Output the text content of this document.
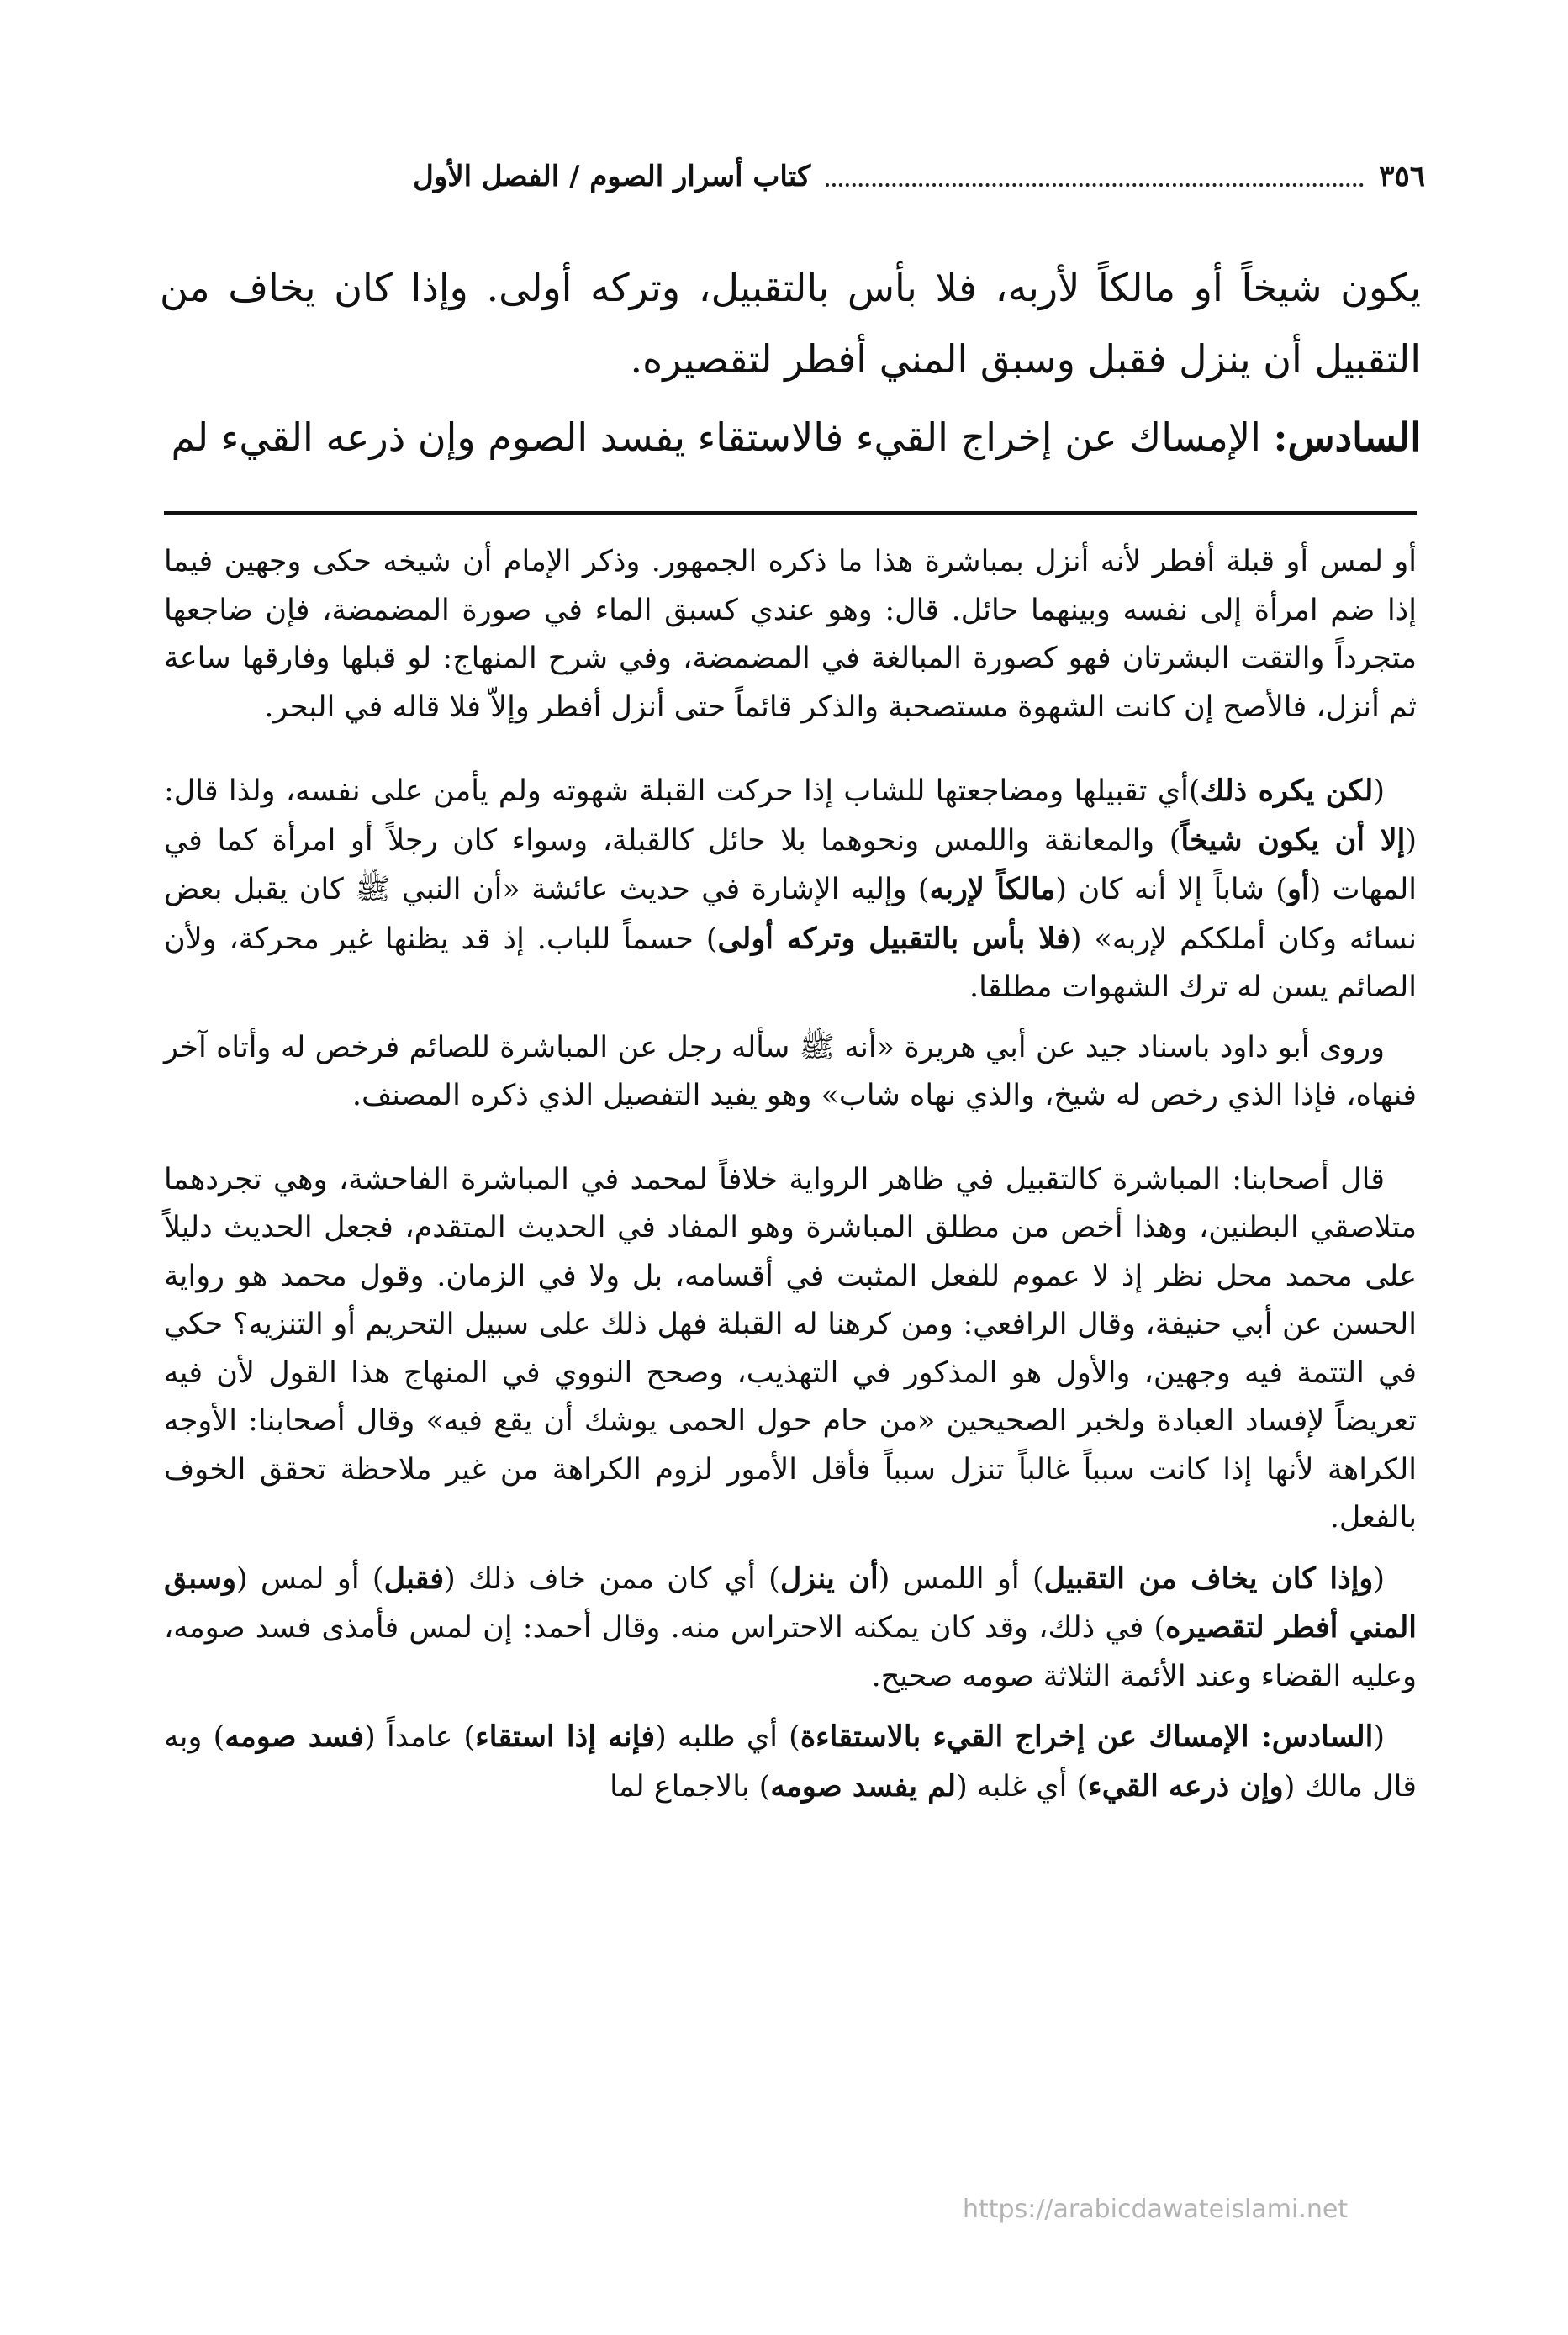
٣٥٦
كتاب أسرار الصوم / الفصل الأول

يكون شيخاً أو مالكاً لأربه، فلا بأس بالتقبيل، وتركه أولى. وإذا كان يخاف من التقبيل أن ينزل فقبل وسبق المني أفطر لتقصيره.

السادس: الإمساك عن إخراج القيء فالاستقاء يفسد الصوم وإن ذرعه القيء لم

أو لمس أو قبلة أفطر لأنه أنزل بمباشرة هذا ما ذكره الجمهور. وذكر الإمام أن شيخه حكى وجهين فيما إذا ضم امرأة إلى نفسه وبينهما حائل. قال: وهو عندي كسبق الماء في صورة المضمضة، فإن ضاجعها متجرداً والتقت البشرتان فهو كصورة المبالغة في المضمضة، وفي شرح المنهاج: لو قبلها وفارقها ساعة ثم أنزل، فالأصح إن كانت الشهوة مستصحبة والذكر قائماً حتى أنزل أفطر وإلاّ فلا قاله في البحر.

(لكن يكره ذلك)أي تقبيلها ومضاجعتها للشاب إذا حركت القبلة شهوته ولم يأمن على نفسه، ولذا قال: (إلا أن يكون شيخاً) والمعانقة واللمس ونحوهما بلا حائل كالقبلة، وسواء كان رجلاً أو امرأة كما في المهات (أو) شاباً إلا أنه كان (مالكاً لإربه) وإليه الإشارة في حديث عائشة «أن النبي ﷺ كان يقبل بعض نسائه وكان أملككم لإربه» (فلا بأس بالتقبيل وتركه أولى) حسماً للباب. إذ قد يظنها غير محركة، ولأن الصائم يسن له ترك الشهوات مطلقا.

وروى أبو داود باسناد جيد عن أبي هريرة «أنه ﷺ سأله رجل عن المباشرة للصائم فرخص له وأتاه آخر فنهاه، فإذا الذي رخص له شيخ، والذي نهاه شاب» وهو يفيد التفصيل الذي ذكره المصنف.

قال أصحابنا: المباشرة كالتقبيل في ظاهر الرواية خلافاً لمحمد في المباشرة الفاحشة، وهي تجردهما متلاصقي البطنين، وهذا أخص من مطلق المباشرة وهو المفاد في الحديث المتقدم، فجعل الحديث دليلاً على محمد محل نظر إذ لا عموم للفعل المثبت في أقسامه، بل ولا في الزمان. وقول محمد هو رواية الحسن عن أبي حنيفة، وقال الرافعي: ومن كرهنا له القبلة فهل ذلك على سبيل التحريم أو التنزيه؟ حكي في التتمة فيه وجهين، والأول هو المذكور في التهذيب، وصحح النووي في المنهاج هذا القول لأن فيه تعريضاً لإفساد العبادة ولخبر الصحيحين «من حام حول الحمى يوشك أن يقع فيه» وقال أصحابنا: الأوجه الكراهة لأنها إذا كانت سبباً غالباً تنزل سبباً فأقل الأمور لزوم الكراهة من غير ملاحظة تحقق الخوف بالفعل.

(وإذا كان يخاف من التقبيل) أو اللمس (أن ينزل) أي كان ممن خاف ذلك (فقبل) أو لمس (وسبق المني أفطر لتقصيره) في ذلك، وقد كان يمكنه الاحتراس منه. وقال أحمد: إن لمس فأمذى فسد صومه، وعليه القضاء وعند الأئمة الثلاثة صومه صحيح.

(السادس: الإمساك عن إخراج القيء بالاستقاءة) أي طلبه (فإنه إذا استقاء) عامداً (فسد صومه) وبه قال مالك (وإن ذرعه القيء) أي غلبه (لم يفسد صومه) بالاجماع لما

https://arabicdawateislami.net
